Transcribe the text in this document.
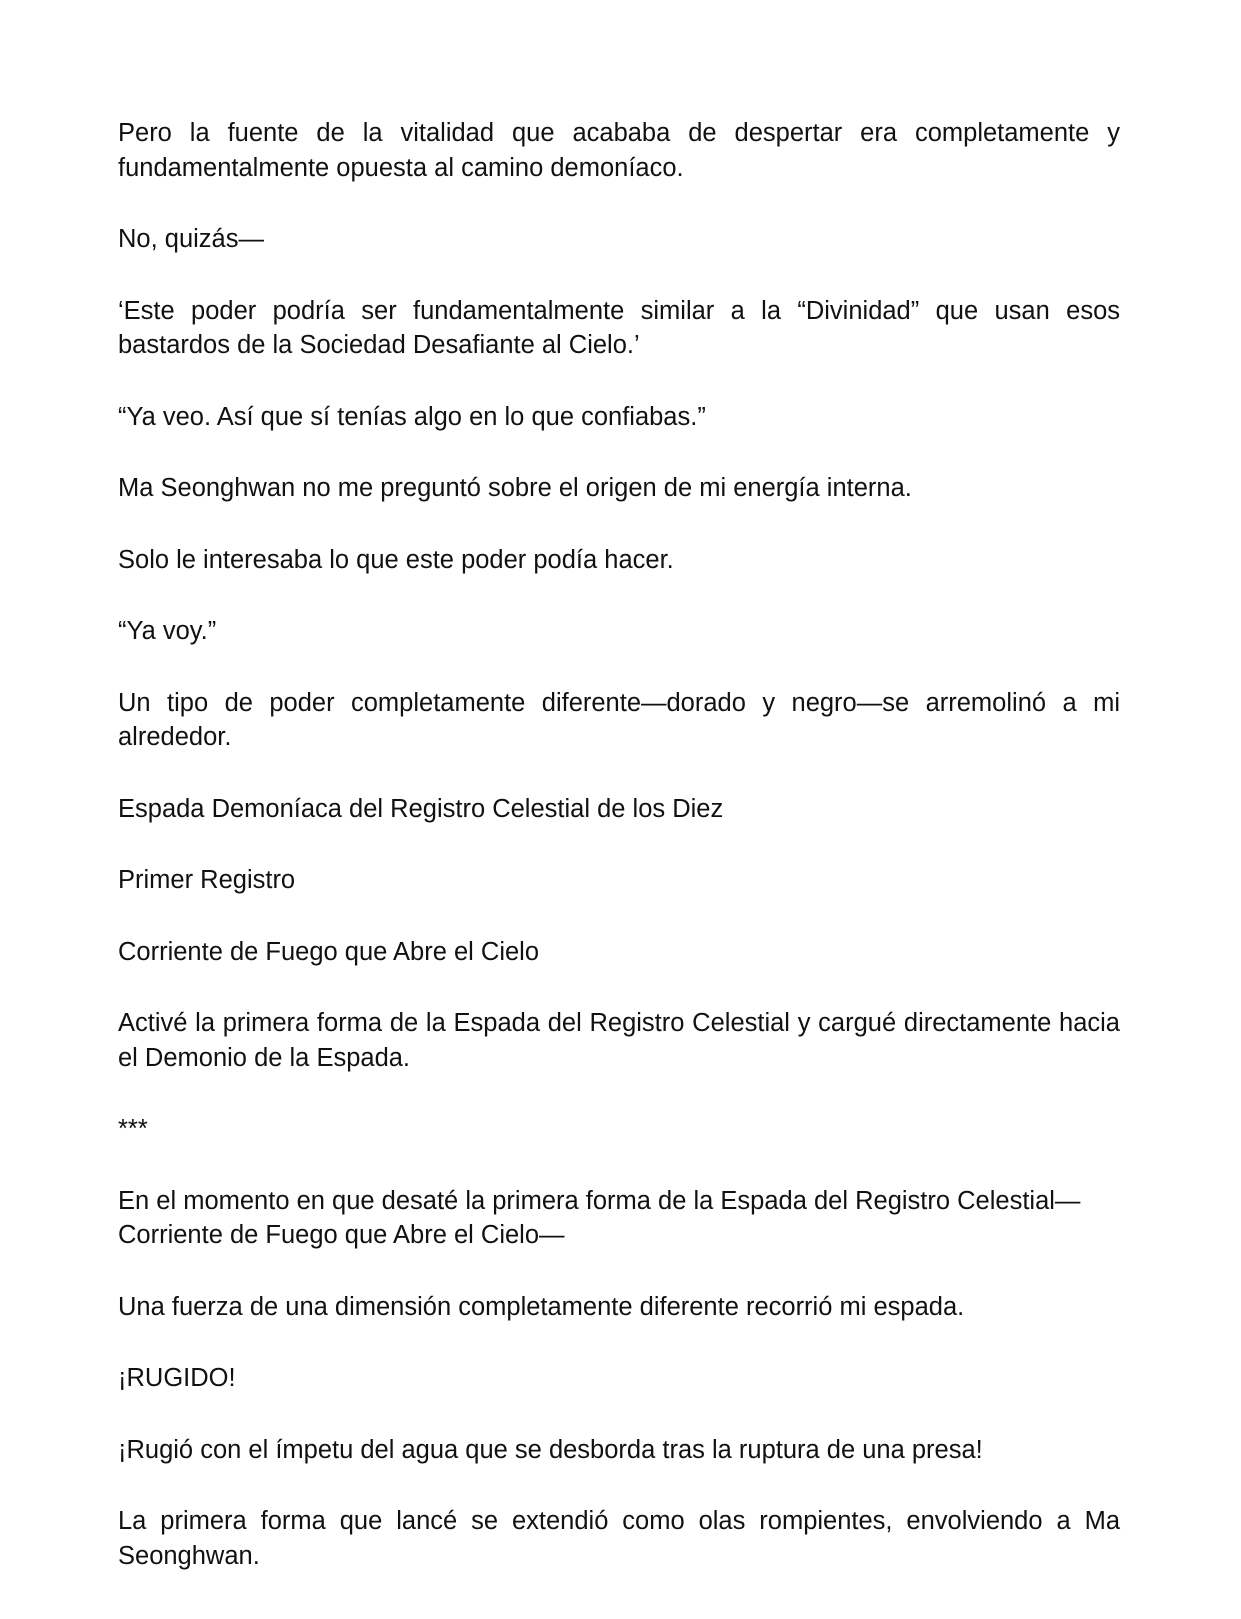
Pero la fuente de la vitalidad que acababa de despertar era completamente y fundamentalmente opuesta al camino demoníaco.

No, quizás—

‘Este poder podría ser fundamentalmente similar a la “Divinidad” que usan esos bastardos de la Sociedad Desafiante al Cielo.’

“Ya veo. Así que sí tenías algo en lo que confiabas.”

Ma Seonghwan no me preguntó sobre el origen de mi energía interna.

Solo le interesaba lo que este poder podía hacer.

“Ya voy.”

Un tipo de poder completamente diferente—dorado y negro—se arremolinó a mi alrededor.

Espada Demoníaca del Registro Celestial de los Diez

Primer Registro

Corriente de Fuego que Abre el Cielo

Activé la primera forma de la Espada del Registro Celestial y cargué directamente hacia el Demonio de la Espada.

***

En el momento en que desaté la primera forma de la Espada del Registro Celestial—Corriente de Fuego que Abre el Cielo—

Una fuerza de una dimensión completamente diferente recorrió mi espada.

¡RUGIDO!

¡Rugió con el ímpetu del agua que se desborda tras la ruptura de una presa!

La primera forma que lancé se extendió como olas rompientes, envolviendo a Ma Seonghwan.
